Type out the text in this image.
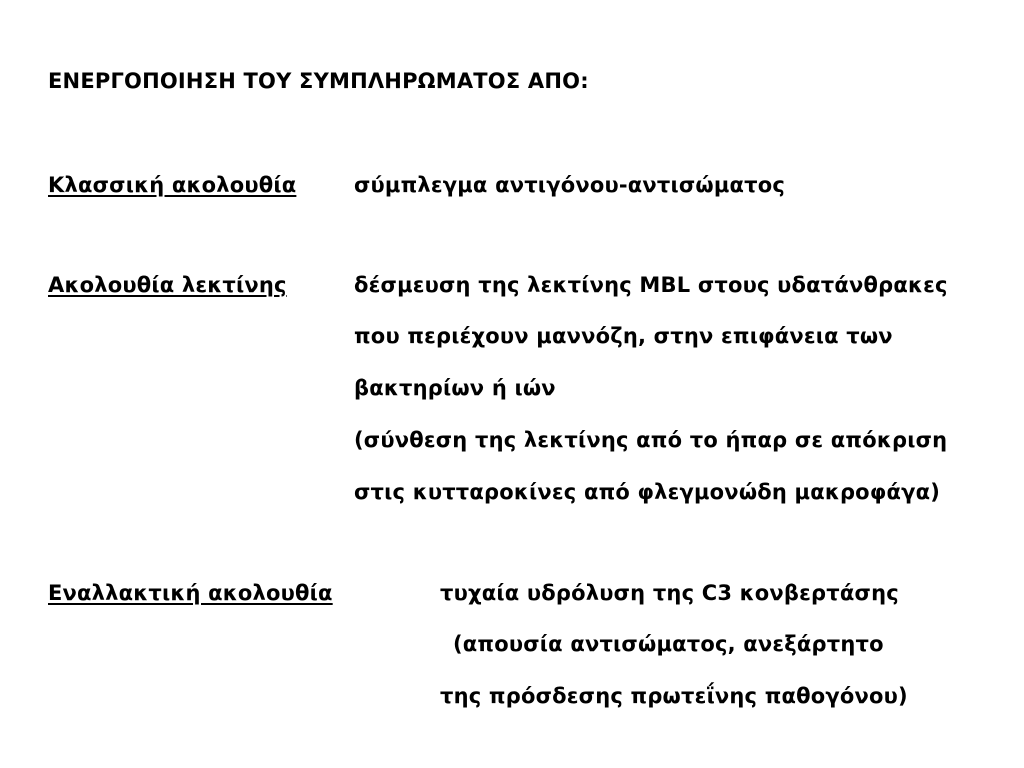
ΕΝΕΡΓΟΠΟΙΗΣΗ ΤΟΥ ΣΥΜΠΛΗΡΩΜΑΤΟΣ ΑΠΟ:
Κλασσική ακολουθία	σύμπλεγμα αντιγόνου-αντισώματος
Ακολουθία λεκτίνης	δέσμευση της λεκτίνης MBL στους υδατάνθρακες
που περιέχουν μαννόζη, στην επιφάνεια των
βακτηρίων ή ιών
(σύνθεση της λεκτίνης από το ήπαρ σε απόκριση
στις κυτταροκίνες από φλεγμονώδη μακροφάγα)
Εναλλακτική ακολουθία	τυχαία υδρόλυση της C3 κονβερτάσης
(απουσία αντισώματος, ανεξάρτητο
της πρόσδεσης πρωτεΐνης παθογόνου)
